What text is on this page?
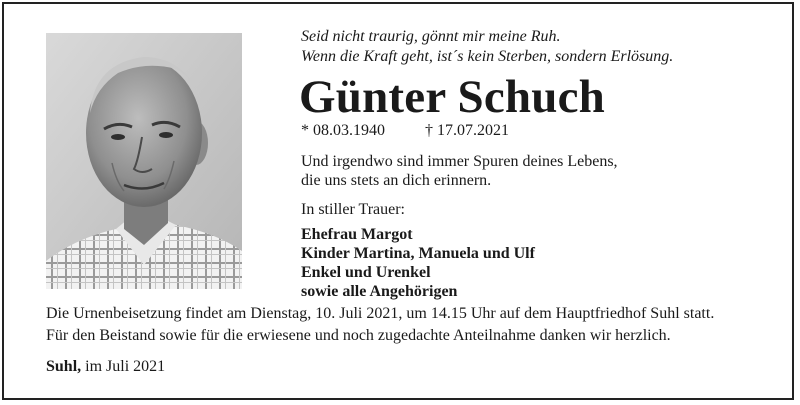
Seid nicht traurig, gönnt mir meine Ruh.
Wenn die Kraft geht, ist´s kein Sterben, sondern Erlösung.
Günter Schuch
* 08.03.1940	† 17.07.2021
Und irgendwo sind immer Spuren deines Lebens,
die uns stets an dich erinnern.
In stiller Trauer:
Ehefrau Margot
Kinder Martina, Manuela und Ulf
Enkel und Urenkel
sowie alle Angehörigen
Die Urnenbeisetzung findet am Dienstag, 10. Juli 2021, um 14.15 Uhr auf dem Hauptfriedhof Suhl statt.
Für den Beistand sowie für die erwiesene und noch zugedachte Anteilnahme danken wir herzlich.
Suhl, im Juli 2021
